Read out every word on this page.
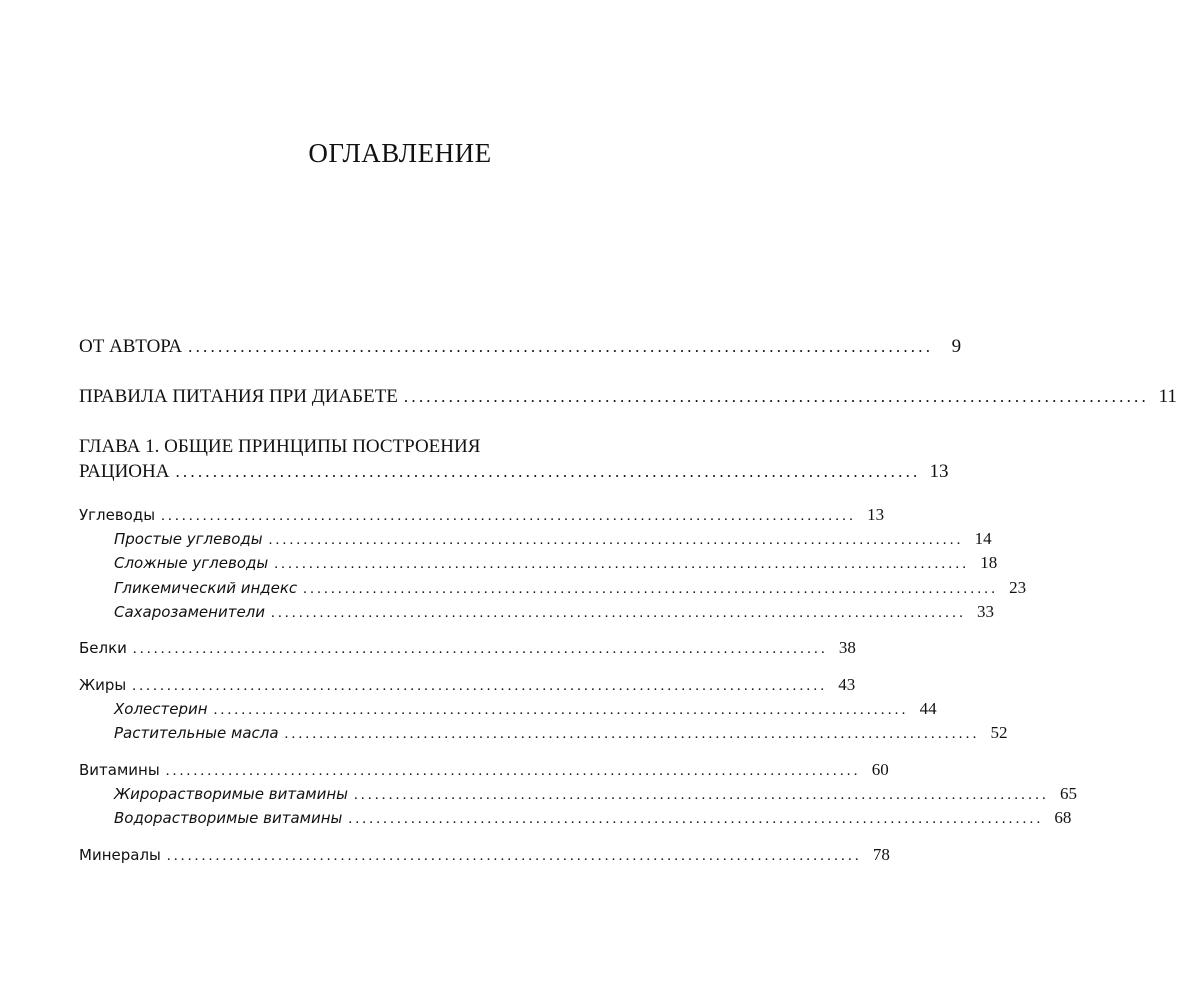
ОГЛАВЛЕНИЕ
ОТ АВТОРА .................................................................................................... 9
ПРАВИЛА ПИТАНИЯ ПРИ ДИАБЕТЕ .................................................................................................... 11
ГЛАВА 1. ОБЩИЕ ПРИНЦИПЫ ПОСТРОЕНИЯ
РАЦИОНА .................................................................................................... 13
Углеводы .................................................................................................... 13
Простые углеводы .................................................................................................... 14
Сложные углеводы .................................................................................................... 18
Гликемический индекс .................................................................................................... 23
Сахарозаменители .................................................................................................... 33
Белки .................................................................................................... 38
Жиры .................................................................................................... 43
Холестерин .................................................................................................... 44
Растительные масла .................................................................................................... 52
Витамины .................................................................................................... 60
Жирорастворимые витамины .................................................................................................... 65
Водорастворимые витамины .................................................................................................... 68
Минералы .................................................................................................... 78
